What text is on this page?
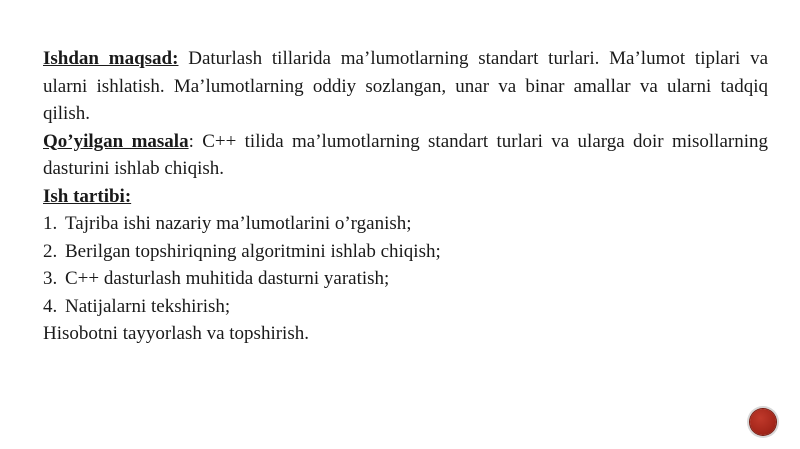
Ishdan maqsad: Daturlash tillarida ma’lumotlarning standart turlari. Ma’lumot tiplari va ularni ishlatish. Ma’lumotlarning oddiy sozlangan, unar va binar amallar va ularni tadqiq qilish.

Qo’yilgan masala: C++ tilida ma’lumotlarning standart turlari va ularga doir misollarning dasturini ishlab chiqish.

Ish tartibi:

1. Tajriba ishi nazariy ma’lumotlarini o’rganish;
2. Berilgan topshiriqning algoritmini ishlab chiqish;
3. C++ dasturlash muhitida dasturni yaratish;
4. Natijalarni tekshirish;

Hisobotni tayyorlash va topshirish.
